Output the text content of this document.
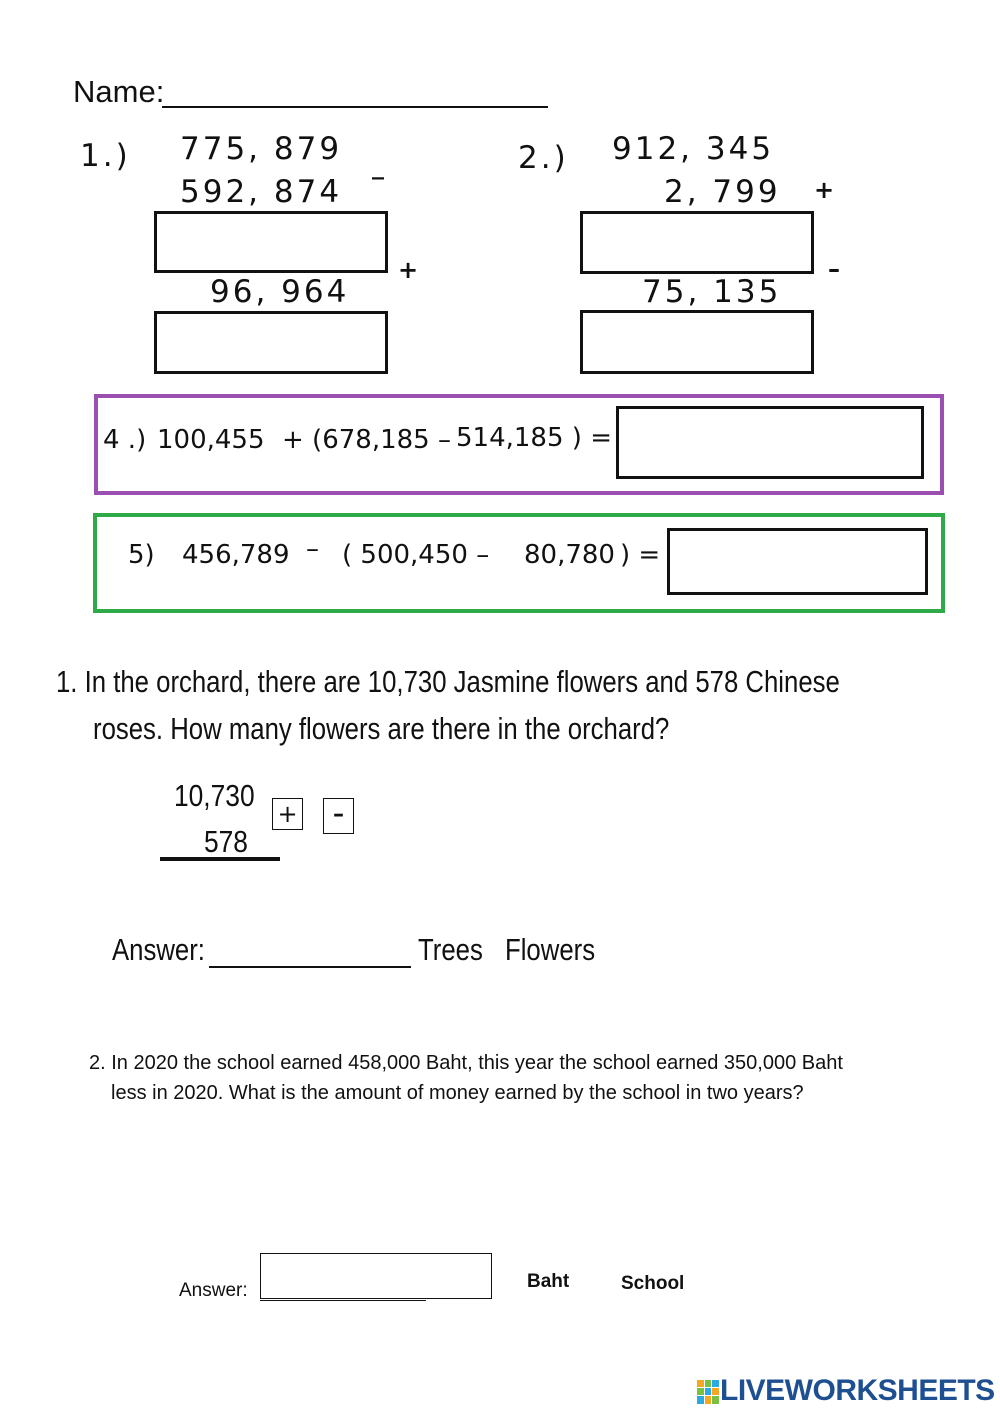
Name:
1.) 775, 879 _
592, 874
+
96, 964
2.) 912, 345
2, 799 +
–
75, 135
4 .) 100,455 + (678,185 – 514,185 ) =
5) 456,789 – ( 500,450 – 80,780 ) =
1. In the orchard, there are 10,730 Jasmine flowers and 578 Chinese
roses. How many flowers are there in the orchard?
10,730
578
+	–
Answer:	Trees Flowers
2. In 2020 the school earned 458,000 Baht, this year the school earned 350,000 Baht
less in 2020. What is the amount of money earned by the school in two years?
Answer:	Baht	School
LIVEWORKSHEETS
